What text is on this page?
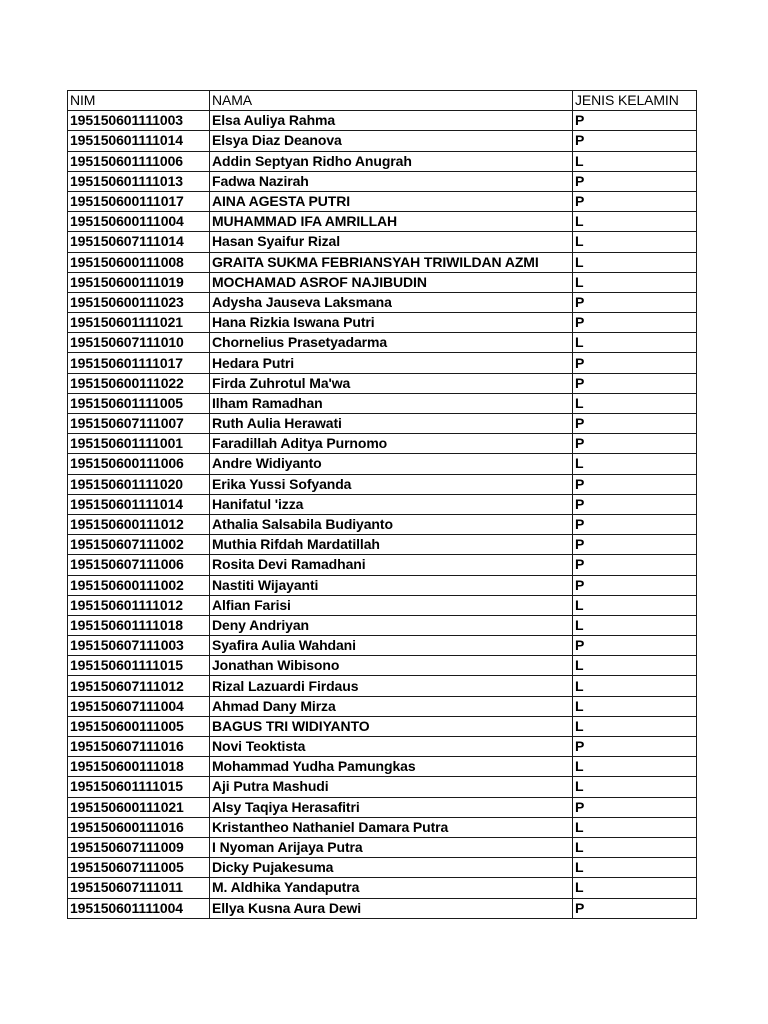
NIM	NAMA	JENIS KELAMIN
195150601111003	Elsa Auliya Rahma	P
195150601111014	Elsya Diaz Deanova	P
195150601111006	Addin Septyan Ridho Anugrah	L
195150601111013	Fadwa Nazirah	P
195150600111017	AINA AGESTA PUTRI	P
195150600111004	MUHAMMAD IFA AMRILLAH	L
195150607111014	Hasan Syaifur Rizal	L
195150600111008	GRAITA SUKMA FEBRIANSYAH TRIWILDAN AZMI	L
195150600111019	MOCHAMAD ASROF NAJIBUDIN	L
195150600111023	Adysha Jauseva Laksmana	P
195150601111021	Hana Rizkia Iswana Putri	P
195150607111010	Chornelius Prasetyadarma	L
195150601111017	Hedara Putri	P
195150600111022	Firda Zuhrotul Ma'wa	P
195150601111005	Ilham Ramadhan	L
195150607111007	Ruth Aulia Herawati	P
195150601111001	Faradillah Aditya Purnomo	P
195150600111006	Andre Widiyanto	L
195150601111020	Erika Yussi Sofyanda	P
195150601111014	Hanifatul 'izza	P
195150600111012	Athalia Salsabila Budiyanto	P
195150607111002	Muthia Rifdah Mardatillah	P
195150607111006	Rosita Devi Ramadhani	P
195150600111002	Nastiti Wijayanti	P
195150601111012	Alfian Farisi	L
195150601111018	Deny Andriyan	L
195150607111003	Syafira Aulia Wahdani	P
195150601111015	Jonathan Wibisono	L
195150607111012	Rizal Lazuardi Firdaus	L
195150607111004	Ahmad Dany Mirza	L
195150600111005	BAGUS TRI WIDIYANTO	L
195150607111016	Novi Teoktista	P
195150600111018	Mohammad Yudha Pamungkas	L
195150601111015	Aji Putra Mashudi	L
195150600111021	Alsy Taqiya Herasafitri	P
195150600111016	Kristantheo Nathaniel Damara Putra	L
195150607111009	I Nyoman Arijaya Putra	L
195150607111005	Dicky Pujakesuma	L
195150607111011	M. Aldhika Yandaputra	L
195150601111004	Ellya Kusna Aura Dewi	P
